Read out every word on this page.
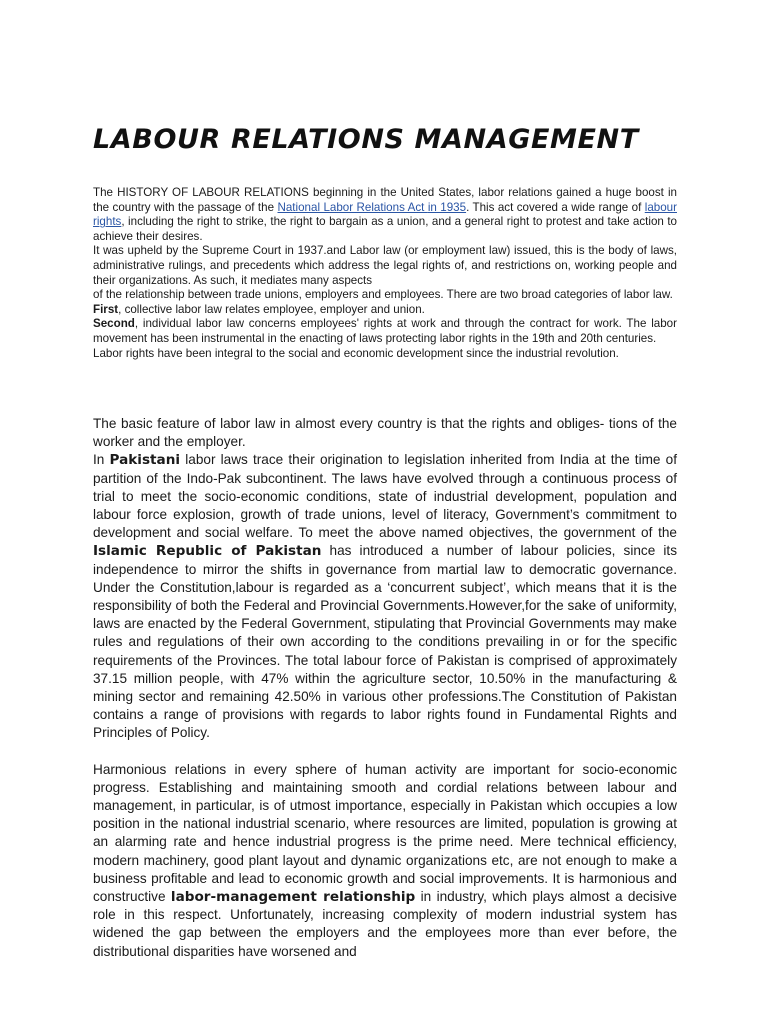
LABOUR RELATIONS MANAGEMENT

The HISTORY OF LABOUR RELATIONS beginning in the United States, labor relations gained a huge boost in the country with the passage of the National Labor Relations Act in 1935. This act covered a wide range of labour rights, including the right to strike, the right to bargain as a union, and a general right to protest and take action to achieve their desires.

It was upheld by the Supreme Court in 1937.and Labor law (or employment law) issued, this is the body of laws, administrative rulings, and precedents which address the legal rights of, and restrictions on, working people and their organizations. As such, it mediates many aspects

of the relationship between trade unions, employers and employees. There are two broad categories of labor law.

First, collective labor law relates employee, employer and union.

Second, individual labor law concerns employees' rights at work and through the contract for work. The labor movement has been instrumental in the enacting of laws protecting labor rights in the 19th and 20th centuries.

Labor rights have been integral to the social and economic development since the industrial revolution.

The basic feature of labor law in almost every country is that the rights and obliges- tions of the worker and the employer.

In Pakistani labor laws trace their origination to legislation inherited from India at the time of partition of the Indo-Pak subcontinent. The laws have evolved through a continuous process of trial to meet the socio-economic conditions, state of industrial development, population and labour force explosion, growth of trade unions, level of literacy, Government’s commitment to development and social welfare. To meet the above named objectives, the government of the Islamic Republic of Pakistan has introduced a number of labour policies, since its independence to mirror the shifts in governance from martial law to democratic governance. Under the Constitution,labour is regarded as a ‘concurrent subject’, which means that it is the responsibility of both the Federal and Provincial Governments.However,for the sake of uniformity, laws are enacted by the Federal Government, stipulating that Provincial Governments may make rules and regulations of their own according to the conditions prevailing in or for the specific requirements of the Provinces. The total labour force of Pakistan is comprised of approximately 37.15 million people, with 47% within the agriculture sector, 10.50% in the manufacturing & mining sector and remaining 42.50% in various other professions.The Constitution of Pakistan contains a range of provisions with regards to labor rights found in Fundamental Rights and Principles of Policy.

Harmonious relations in every sphere of human activity are important for socio-economic progress. Establishing and maintaining smooth and cordial relations between labour and management, in particular, is of utmost importance, especially in Pakistan which occupies a low position in the national industrial scenario, where resources are limited, population is growing at an alarming rate and hence industrial progress is the prime need. Mere technical efficiency, modern machinery, good plant layout and dynamic organizations etc, are not enough to make a business profitable and lead to economic growth and social improvements. It is harmonious and constructive labor-management relationship in industry, which plays almost a decisive role in this respect. Unfortunately, increasing complexity of modern industrial system has widened the gap between the employers and the employees more than ever before, the distributional disparities have worsened and
